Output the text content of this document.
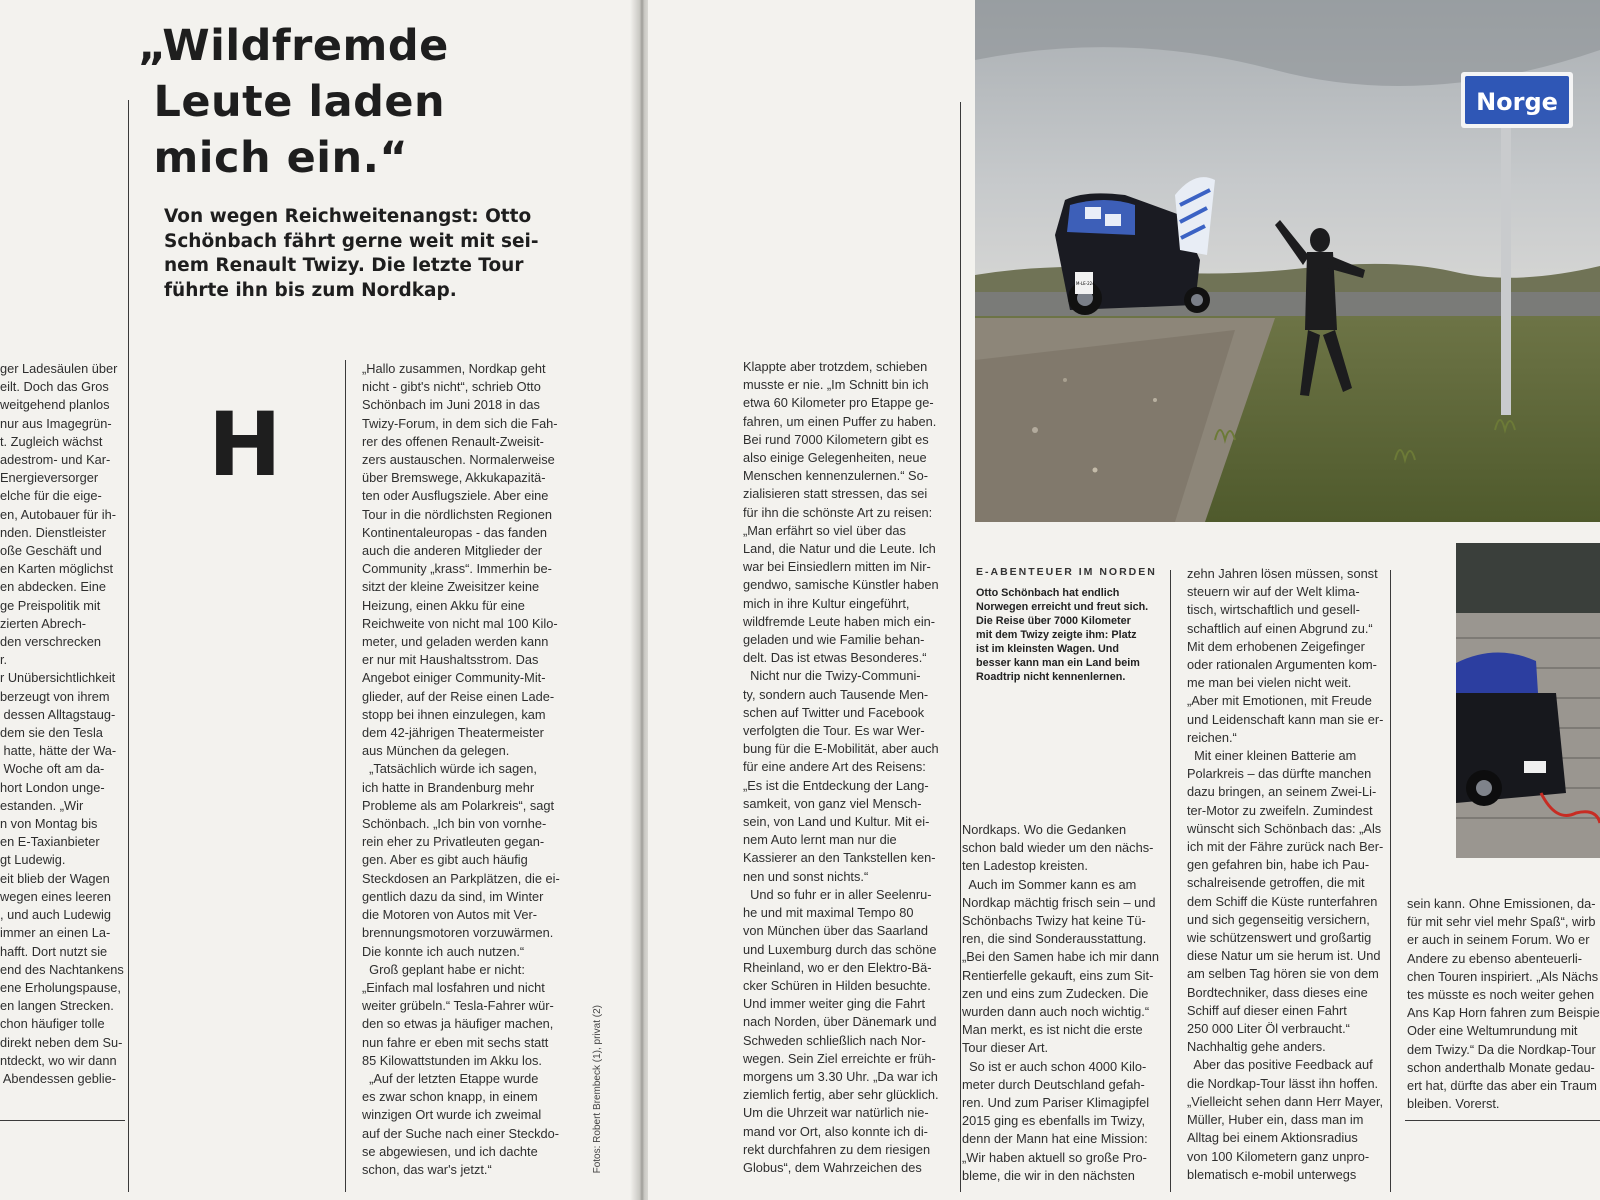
ger Ladesäulen über
eilt. Doch das Gros
weitgehend planlos
nur aus Imagegrün-
t. Zugleich wächst
adestrom- und Kar-
Energieversorger
elche für die eige-
en, Autobauer für ih-
nden. Dienstleister
oße Geschäft und
en Karten möglichst
en abdecken. Eine
ge Preispolitik mit
zierten Abrech-
den verschrecken
r.
r Unübersichtlichkeit
berzeugt von ihrem
dessen Alltagstaug-
dem sie den Tesla
hatte, hätte der Wa-
Woche oft am da-
hort London unge-
estanden. „Wir
n von Montag bis
en E-Taxianbieter
gt Ludewig.
eit blieb der Wagen
wegen eines leeren
, und auch Ludewig
immer an einen La-
hafft. Dort nutzt sie
end des Nachtankens
ene Erholungspause,
en langen Strecken.
chon häufiger tolle
direkt neben dem Su-
ntdeckt, wo wir dann
Abendessen geblie-
„Wildfremde
Leute laden
mich ein.“

Von wegen Reichweitenangst: Otto
Schönbach fährt gerne weit mit sei-
nem Renault Twizy. Die letzte Tour
führte ihn bis zum Nordkap.

H
„Hallo zusammen, Nordkap geht
nicht - gibt's nicht“, schrieb Otto
Schönbach im Juni 2018 in das
Twizy-Forum, in dem sich die Fah-
rer des offenen Renault-Zweisit-
zers austauschen. Normalerweise
über Bremswege, Akkukapazitä-
ten oder Ausflugsziele. Aber eine
Tour in die nördlichsten Regionen
Kontinentaleuropas - das fanden
auch die anderen Mitglieder der
Community „krass“. Immerhin be-
sitzt der kleine Zweisitzer keine
Heizung, einen Akku für eine
Reichweite von nicht mal 100 Kilo-
meter, und geladen werden kann
er nur mit Haushaltsstrom. Das
Angebot einiger Community-Mit-
glieder, auf der Reise einen Lade-
stopp bei ihnen einzulegen, kam
dem 42-jährigen Theatermeister
aus München da gelegen.
„Tatsächlich würde ich sagen,
ich hatte in Brandenburg mehr
Probleme als am Polarkreis“, sagt
Schönbach. „Ich bin von vornhe-
rein eher zu Privatleuten gegan-
gen. Aber es gibt auch häufig
Steckdosen an Parkplätzen, die ei-
gentlich dazu da sind, im Winter
die Motoren von Autos mit Ver-
brennungsmotoren vorzuwärmen.
Die konnte ich auch nutzen.“
Groß geplant habe er nicht:
„Einfach mal losfahren und nicht
weiter grübeln.“ Tesla-Fahrer wür-
den so etwas ja häufiger machen,
nun fahre er eben mit sechs statt
85 Kilowattstunden im Akku los.
„Auf der letzten Etappe wurde
es zwar schon knapp, in einem
winzigen Ort wurde ich zweimal
auf der Suche nach einer Steckdo-
se abgewiesen, und ich dachte
schon, das war's jetzt.“	Fotos: Robert Brembeck (1), privat (2)
Klappte aber trotzdem, schieben
musste er nie. „Im Schnitt bin ich
etwa 60 Kilometer pro Etappe ge-
fahren, um einen Puffer zu haben.
Bei rund 7000 Kilometern gibt es
also einige Gelegenheiten, neue
Menschen kennenzulernen.“ So-
zialisieren statt stressen, das sei
für ihn die schönste Art zu reisen:
„Man erfährt so viel über das
Land, die Natur und die Leute. Ich
war bei Einsiedlern mitten im Nir-
gendwo, samische Künstler haben
mich in ihre Kultur eingeführt,
wildfremde Leute haben mich ein-
geladen und wie Familie behan-
delt. Das ist etwas Besonderes.“
Nicht nur die Twizy-Communi-
ty, sondern auch Tausende Men-
schen auf Twitter und Facebook
verfolgten die Tour. Es war Wer-
bung für die E-Mobilität, aber auch
für eine andere Art des Reisens:
„Es ist die Entdeckung der Lang-
samkeit, von ganz viel Mensch-
sein, von Land und Kultur. Mit ei-
nem Auto lernt man nur die
Kassierer an den Tankstellen ken-
nen und sonst nichts.“
Und so fuhr er in aller Seelenru-
he und mit maximal Tempo 80
von München über das Saarland
und Luxemburg durch das schöne
Rheinland, wo er den Elektro-Bä-
cker Schüren in Hilden besuchte.
Und immer weiter ging die Fahrt
nach Norden, über Dänemark und
Schweden schließlich nach Nor-
wegen. Sein Ziel erreichte er früh-
morgens um 3.30 Uhr. „Da war ich
ziemlich fertig, aber sehr glücklich.
Um die Uhrzeit war natürlich nie-
mand vor Ort, also konnte ich di-
rekt durchfahren zu dem riesigen
Globus“, dem Wahrzeichen des
E-ABENTEUER IM NORDEN
Otto Schönbach hat endlich
Norwegen erreicht und freut sich.
Die Reise über 7000 Kilometer
mit dem Twizy zeigte ihm: Platz
ist im kleinsten Wagen. Und
besser kann man ein Land beim
Roadtrip nicht kennenlernen.
Nordkaps. Wo die Gedanken
schon bald wieder um den nächs-
ten Ladestop kreisten.
Auch im Sommer kann es am
Nordkap mächtig frisch sein – und
Schönbachs Twizy hat keine Tü-
ren, die sind Sonderausstattung.
„Bei den Samen habe ich mir dann
Rentierfelle gekauft, eins zum Sit-
zen und eins zum Zudecken. Die
wurden dann auch noch wichtig.“
Man merkt, es ist nicht die erste
Tour dieser Art.
So ist er auch schon 4000 Kilo-
meter durch Deutschland gefah-
ren. Und zum Pariser Klimagipfel
2015 ging es ebenfalls im Twizy,
denn der Mann hat eine Mission:
„Wir haben aktuell so große Pro-
bleme, die wir in den nächsten
zehn Jahren lösen müssen, sonst
steuern wir auf der Welt klima-
tisch, wirtschaftlich und gesell-
schaftlich auf einen Abgrund zu.“
Mit dem erhobenen Zeigefinger
oder rationalen Argumenten kom-
me man bei vielen nicht weit.
„Aber mit Emotionen, mit Freude
und Leidenschaft kann man sie er-
reichen.“
Mit einer kleinen Batterie am
Polarkreis – das dürfte manchen
dazu bringen, an seinem Zwei-Li-
ter-Motor zu zweifeln. Zumindest
wünscht sich Schönbach das: „Als
ich mit der Fähre zurück nach Ber-
gen gefahren bin, habe ich Pau-
schalreisende getroffen, die mit
dem Schiff die Küste runterfahren
und sich gegenseitig versichern,
wie schützenswert und großartig
diese Natur um sie herum ist. Und
am selben Tag hören sie von dem
Bordtechniker, dass dieses eine
Schiff auf dieser einen Fahrt
250 000 Liter Öl verbraucht.“
Nachhaltig gehe anders.
Aber das positive Feedback auf
die Nordkap-Tour lässt ihn hoffen.
„Vielleicht sehen dann Herr Mayer,
Müller, Huber ein, dass man im
Alltag bei einem Aktionsradius
von 100 Kilometern ganz unpro-
blematisch e-mobil unterwegs
sein kann. Ohne Emissionen, da-
für mit sehr viel mehr Spaß“, wirb
er auch in seinem Forum. Wo er
Andere zu ebenso abenteuerli-
chen Touren inspiriert. „Als Nächs
tes müsste es noch weiter gehen
Ans Kap Horn fahren zum Beispie
Oder eine Weltumrundung mit
dem Twizy.“ Da die Nordkap-Tour
schon anderthalb Monate gedau-
ert hat, dürfte das aber ein Traum
bleiben. Vorerst.
M-LE-224
Norge
